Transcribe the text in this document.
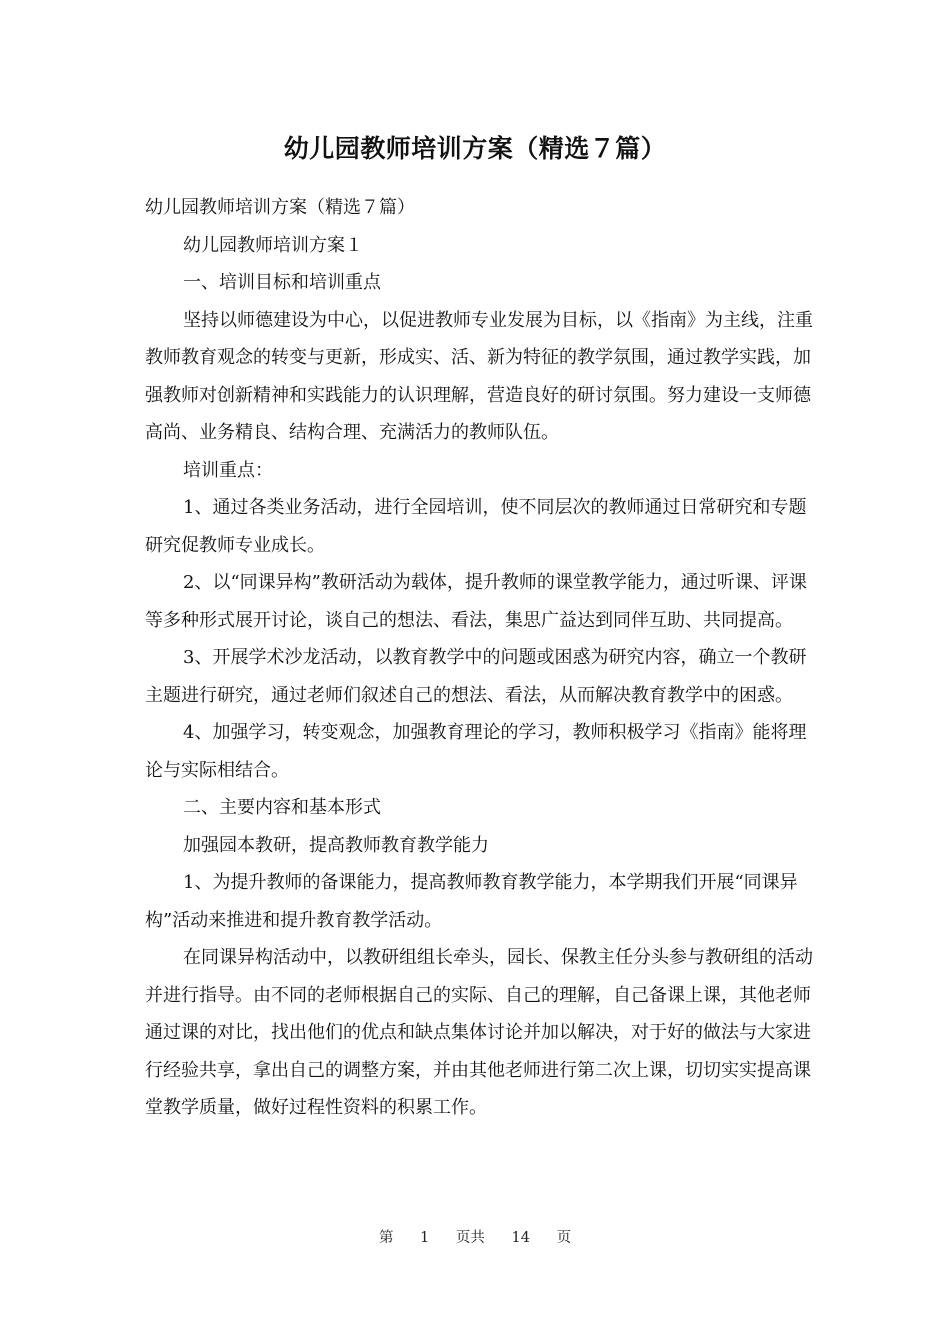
幼儿园教师培训方案（精选７篇）

幼儿园教师培训方案（精选７篇）

幼儿园教师培训方案１

一、培训目标和培训重点

坚持以师德建设为中心，以促进教师专业发展为目标，以《指南》为主线，注重教师教育观念的转变与更新，形成实、活、新为特征的教学氛围，通过教学实践，加强教师对创新精神和实践能力的认识理解，营造良好的研讨氛围。努力建设一支师德高尚、业务精良、结构合理、充满活力的教师队伍。

培训重点：

1、通过各类业务活动，进行全园培训，使不同层次的教师通过日常研究和专题研究促教师专业成长。

2、以“同课异构”教研活动为载体，提升教师的课堂教学能力，通过听课、评课等多种形式展开讨论，谈自己的想法、看法，集思广益达到同伴互助、共同提高。

3、开展学术沙龙活动，以教育教学中的问题或困惑为研究内容，确立一个教研主题进行研究，通过老师们叙述自己的想法、看法，从而解决教育教学中的困惑。

4、加强学习，转变观念，加强教育理论的学习，教师积极学习《指南》能将理论与实际相结合。

二、主要内容和基本形式

加强园本教研，提高教师教育教学能力

1、为提升教师的备课能力，提高教师教育教学能力，本学期我们开展“同课异构”活动来推进和提升教育教学活动。

在同课异构活动中，以教研组组长牵头，园长、保教主任分头参与教研组的活动并进行指导。由不同的老师根据自己的实际、自己的理解，自己备课上课，其他老师通过课的对比，找出他们的优点和缺点集体讨论并加以解决，对于好的做法与大家进行经验共享，拿出自己的调整方案，并由其他老师进行第二次上课，切切实实提高课堂教学质量，做好过程性资料的积累工作。

第 1 页共 14 页
